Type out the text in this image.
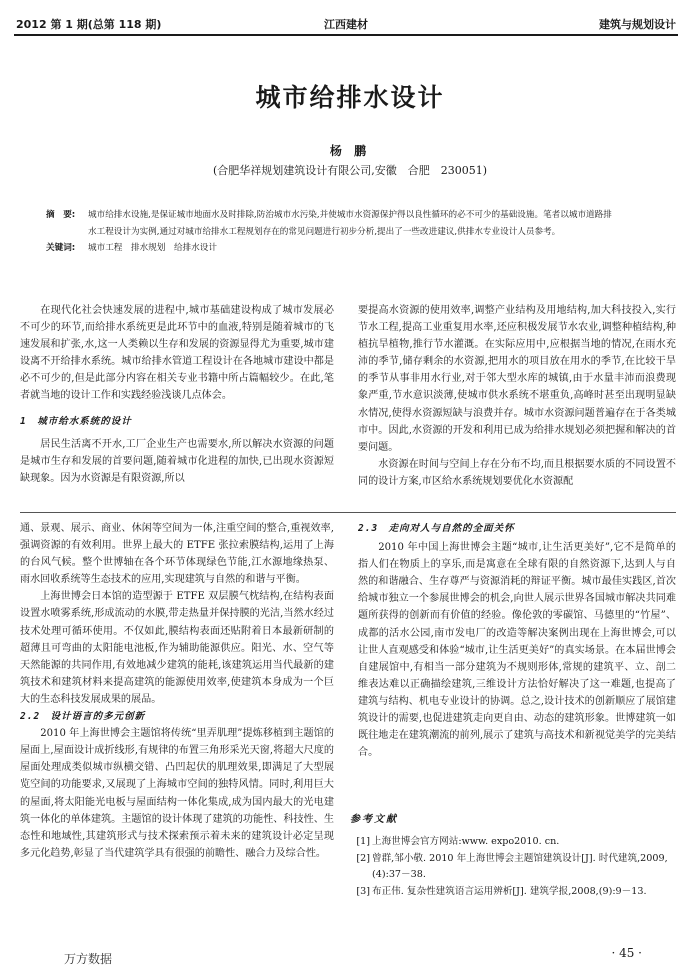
2012 第 1 期(总第 118 期)	江西建材	建筑与规划设计
城市给排水设计
杨 鹏
(合肥华祥规划建筑设计有限公司,安徽　合肥　230051)
摘　要:	城市给排水设施,是保证城市地面水及时排除,防治城市水污染,并使城市水资源保护得以良性循环的必不可少的基础设施。笔者以城市道路排水工程设计为实例,通过对城市给排水工程规划存在的常见问题进行初步分析,提出了一些改进建议,供排水专业设计人员参考。
关键词:	城市工程　排水规划　给排水设计

在现代化社会快速发展的进程中,城市基础建设构成了城市发展必不可少的环节,而给排水系统更是此环节中的血液,特别是随着城市的飞速发展和扩张,水,这一人类赖以生存和发展的资源显得尤为重要,城市建设离不开给排水系统。城市给排水管道工程设计在各地城市建设中都是必不可少的,但是此部分内容在相关专业书籍中所占篇幅较少。在此,笔者就当地的设计工作和实践经验浅谈几点体会。

1　城市给水系统的设计

居民生活离不开水,工厂企业生产也需要水,所以解决水资源的问题是城市生存和发展的首要问题,随着城市化进程的加快,已出现水资源短缺现象。因为水资源是有限资源,所以

要提高水资源的使用效率,调整产业结构及用地结构,加大科技投入,实行节水工程,提高工业重复用水率,还应积极发展节水农业,调整种植结构,种植抗旱植物,推行节水灌溉。在实际应用中,应根据当地的情况,在雨水充沛的季节,储存剩余的水资源,把用水的项目放在用水的季节,在比较干旱的季节从事非用水行业,对于邻大型水库的城镇,由于水量丰沛而浪费现象严重,节水意识淡薄,使城市供水系统不堪重负,高峰时甚至出现明显缺水情况,使得水资源短缺与浪费并存。城市水资源问题普遍存在于各类城市中。因此,水资源的开发和利用已成为给排水规划必须把握和解决的首要问题。

水资源在时间与空间上存在分布不均,而且根据要水质的不同设置不同的设计方案,市区给水系统规划要优化水资源配

通、景观、展示、商业、休闲等空间为一体,注重空间的整合,重视效率,强调资源的有效利用。世界上最大的 ETFE 张拉索膜结构,运用了上海的台风气候。整个世博轴在各个环节体现绿色节能,江水源地缘热泵、雨水回收系统等生态技术的应用,实现建筑与自然的和谐与平衡。

上海世博会日本馆的造型源于 ETFE 双层膜气枕结构,在结构表面设置水喷雾系统,形成流动的水膜,带走热量并保持膜的光洁,当然水经过技术处理可循环使用。不仅如此,膜结构表面还贴附着日本最新研制的超薄且可弯曲的太阳能电池板,作为辅助能源供应。阳光、水、空气等天然能源的共同作用,有效地减少建筑的能耗,该建筑运用当代最新的建筑技术和建筑材料来提高建筑的能源使用效率,使建筑本身成为一个巨大的生态科技发展成果的展品。

2.2　设计语言的多元创新

2010 年上海世博会主题馆将传统“里弄肌理”提炼移植到主题馆的屋面上,屋面设计成折线形,有规律的布置三角形采光天窗,将超大尺度的屋面处理成类似城市纵横交错、凸凹起伏的肌理效果,即满足了大型展览空间的功能要求,又展现了上海城市空间的独特风情。同时,利用巨大的屋面,将太阳能光电板与屋面结构一体化集成,成为国内最大的光电建筑一体化的单体建筑。主题馆的设计体现了建筑的功能性、科技性、生态性和地域性,其建筑形式与技术探索预示着未来的建筑设计必定呈现多元化趋势,彰显了当代建筑学具有很强的前瞻性、融合力及综合性。

2.3　走向对人与自然的全面关怀

2010 年中国上海世博会主题“城市,让生活更美好”,它不是简单的指人们在物质上的享乐,而是寓意在全球有限的自然资源下,达到人与自然的和谐融合、生存尊严与资源消耗的辩证平衡。城市最佳实践区,首次给城市独立一个参展世博会的机会,向世人展示世界各国城市解决共同难题所获得的创新而有价值的经验。像伦敦的零碳馆、马德里的“竹屋”、成都的活水公园,南市发电厂的改造等解决案例出现在上海世博会,可以让世人直观感受和体验“城市,让生活更美好”的真实场景。在本届世博会自建展馆中,有相当一部分建筑为不规则形体,常规的建筑平、立、剖二维表达难以正确描绘建筑,三维设计方法恰好解决了这一难题,也提高了建筑与结构、机电专业设计的协调。总之,设计技术的创新顺应了展馆建筑设计的需要,也促进建筑走向更自由、动态的建筑形象。世博建筑一如既往地走在建筑潮流的前列,展示了建筑与高技术和新视觉美学的完美结合。

参考文献
[1] 上海世博会官方网站:www. expo2010. cn.
[2] 曾群,邹小敬. 2010 年上海世博会主题馆建筑设计[J]. 时代建筑,2009,(4):37－38.
[3] 布正伟. 复杂性建筑语言运用辨析[J]. 建筑学报,2008,(9):9－13.
万方数据	· 45 ·
